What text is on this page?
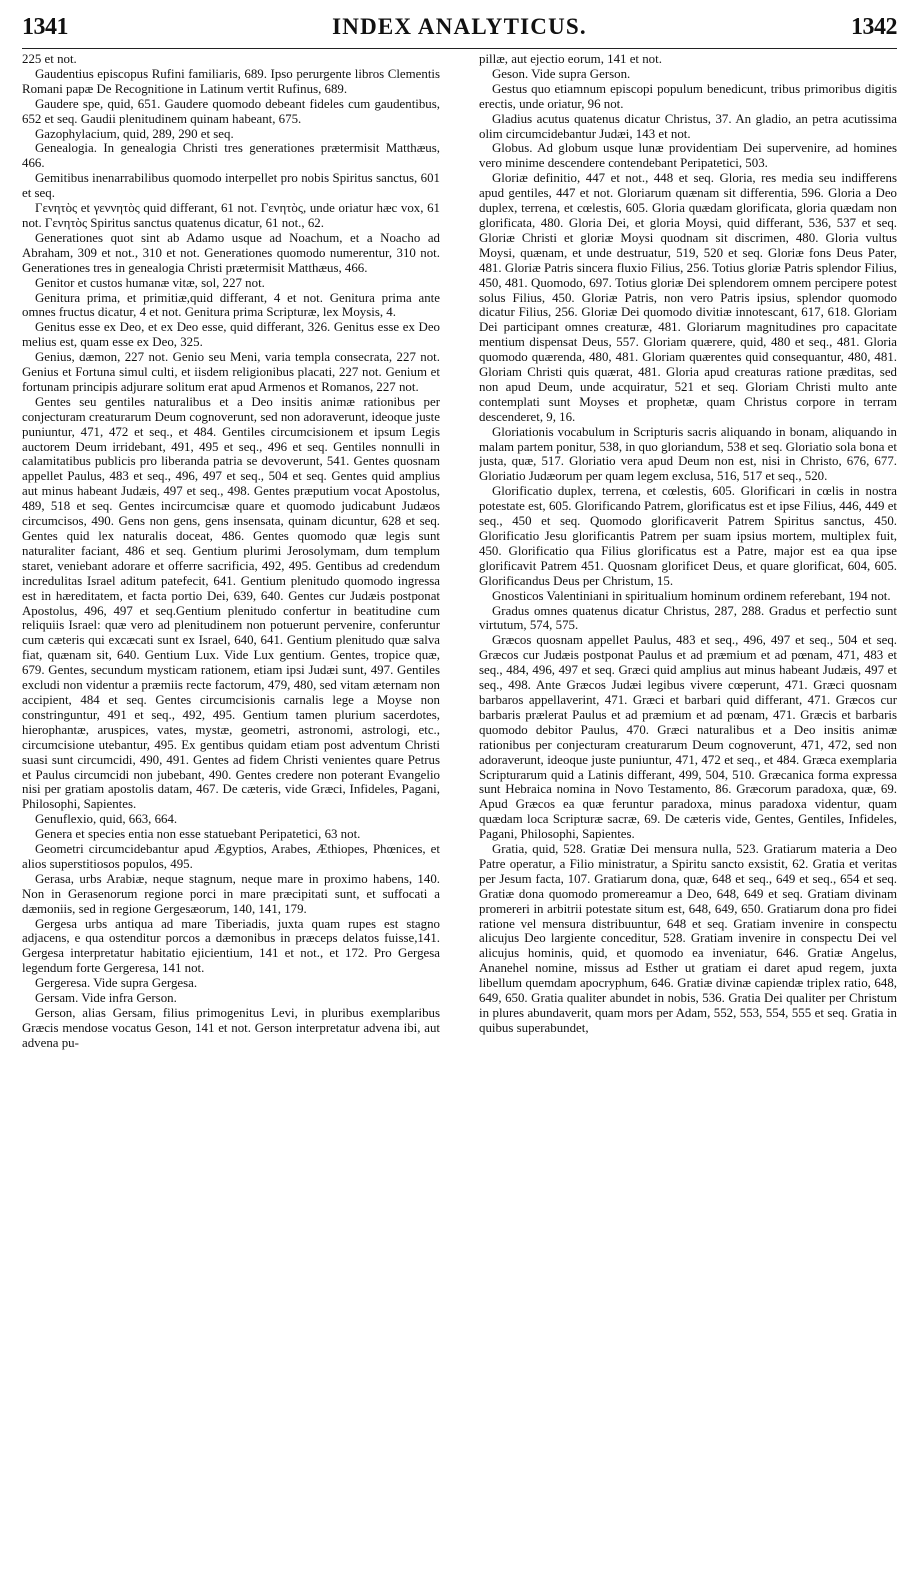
1341	INDEX ANALYTICUS.	1342

225 et not.

Gaudentius episcopus Rufini familiaris, 689. Ipso perurgente libros Clementis Romani papæ De Recognitione in Latinum vertit Rufinus, 689.

Gaudere spe, quid, 651. Gaudere quomodo debeant fideles cum gaudentibus, 652 et seq. Gaudii plenitudinem quinam habeant, 675.

Gazophylacium, quid, 289, 290 et seq.

Genealogia. In genealogia Christi tres generationes prætermisit Matthæus, 466.

Gemitibus inenarrabilibus quomodo interpellet pro nobis Spiritus sanctus, 601 et seq.

Γενητὸς et γεννητὸς quid differant, 61 not. Γενητὸς, unde oriatur hæc vox, 61 not. Γενητὸς Spiritus sanctus quatenus dicatur, 61 not., 62.

Generationes quot sint ab Adamo usque ad Noachum, et a Noacho ad Abraham, 309 et not., 310 et not. Generationes quomodo numerentur, 310 not. Generationes tres in genealogia Christi prætermisit Matthæus, 466.

Genitor et custos humanæ vitæ, sol, 227 not.

Genitura prima, et primitiæ,quid differant, 4 et not. Genitura prima ante omnes fructus dicatur, 4 et not. Genitura prima Scripturæ, lex Moysis, 4.

Genitus esse ex Deo, et ex Deo esse, quid differant, 326. Genitus esse ex Deo melius est, quam esse ex Deo, 325.

Genius, dæmon, 227 not. Genio seu Meni, varia templa consecrata, 227 not. Genius et Fortuna simul culti, et iisdem religionibus placati, 227 not. Genium et fortunam principis adjurare solitum erat apud Armenos et Romanos, 227 not.

Gentes seu gentiles naturalibus et a Deo insitis animæ rationibus per conjecturam creaturarum Deum cognoverunt, sed non adoraverunt, ideoque juste puniuntur, 471, 472 et seq., et 484. Gentiles circumcisionem et ipsum Legis auctorem Deum irridebant, 491, 495 et seq., 496 et seq. Gentiles nonnulli in calamitatibus publicis pro liberanda patria se devoverunt, 541. Gentes quosnam appellet Paulus, 483 et seq., 496, 497 et seq., 504 et seq. Gentes quid amplius aut minus habeant Judæis, 497 et seq., 498. Gentes præputium vocat Apostolus, 489, 518 et seq. Gentes incircumcisæ quare et quomodo judicabunt Judæos circumcisos, 490. Gens non gens, gens insensata, quinam dicuntur, 628 et seq. Gentes quid lex naturalis doceat, 486. Gentes quomodo quæ legis sunt naturaliter faciant, 486 et seq. Gentium plurimi Jerosolymam, dum templum staret, veniebant adorare et offerre sacrificia, 492, 495. Gentibus ad credendum incredulitas Israel aditum patefecit, 641. Gentium plenitudo quomodo ingressa est in hæreditatem, et facta portio Dei, 639, 640. Gentes cur Judæis postponat Apostolus, 496, 497 et seq.Gentium plenitudo confertur in beatitudine cum reliquiis Israel: quæ vero ad plenitudinem non potuerunt pervenire, conferuntur cum cæteris qui excæcati sunt ex Israel, 640, 641. Gentium plenitudo quæ salva fiat, quænam sit, 640. Gentium Lux. Vide Lux gentium. Gentes, tropice quæ, 679. Gentes, secundum mysticam rationem, etiam ipsi Judæi sunt, 497. Gentiles excludi non videntur a præmiis recte factorum, 479, 480, sed vitam æternam non accipient, 484 et seq. Gentes circumcisionis carnalis lege a Moyse non constringuntur, 491 et seq., 492, 495. Gentium tamen plurium sacerdotes, hierophantæ, aruspices, vates, mystæ, geometri, astronomi, astrologi, etc., circumcisione utebantur, 495. Ex gentibus quidam etiam post adventum Christi suasi sunt circumcidi, 490, 491. Gentes ad fidem Christi venientes quare Petrus et Paulus circumcidi non jubebant, 490. Gentes credere non poterant Evangelio nisi per gratiam apostolis datam, 467. De cæteris, vide Græci, Infideles, Pagani, Philosophi, Sapientes.

Genuflexio, quid, 663, 664.

Genera et species entia non esse statuebant Peripatetici, 63 not.

Geometri circumcidebantur apud Ægyptios, Arabes, Æthiopes, Phœnices, et alios superstitiosos populos, 495.

Gerasa, urbs Arabiæ, neque stagnum, neque mare in proximo habens, 140. Non in Gerasenorum regione porci in mare præcipitati sunt, et suffocati a dæmoniis, sed in regione Gergesæorum, 140, 141, 179.

Gergesa urbs antiqua ad mare Tiberiadis, juxta quam rupes est stagno adjacens, e qua ostenditur porcos a dæmonibus in præceps delatos fuisse,141. Gergesa interpretatur habitatio ejicientium, 141 et not., et 172. Pro Gergesa legendum forte Gergeresa, 141 not.

Gergeresa. Vide supra Gergesa.

Gersam. Vide infra Gerson.

Gerson, alias Gersam, filius primogenitus Levi, in pluribus exemplaribus Græcis mendose vocatus Geson, 141 et not. Gerson interpretatur advena ibi, aut advena pu-

pillæ, aut ejectio eorum, 141 et not.

Geson. Vide supra Gerson.

Gestus quo etiamnum episcopi populum benedicunt, tribus primoribus digitis erectis, unde oriatur, 96 not.

Gladius acutus quatenus dicatur Christus, 37. An gladio, an petra acutissima olim circumcidebantur Judæi, 143 et not.

Globus. Ad globum usque lunæ providentiam Dei supervenire, ad homines vero minime descendere contendebant Peripatetici, 503.

Gloriæ definitio, 447 et not., 448 et seq. Gloria, res media seu indifferens apud gentiles, 447 et not. Gloriarum quænam sit differentia, 596. Gloria a Deo duplex, terrena, et cœlestis, 605. Gloria quædam glorificata, gloria quædam non glorificata, 480. Gloria Dei, et gloria Moysi, quid differant, 536, 537 et seq. Gloriæ Christi et gloriæ Moysi quodnam sit discrimen, 480. Gloria vultus Moysi, quænam, et unde destruatur, 519, 520 et seq. Gloriæ fons Deus Pater, 481. Gloriæ Patris sincera fluxio Filius, 256. Totius gloriæ Patris splendor Filius, 450, 481. Quomodo, 697. Totius gloriæ Dei splendorem omnem percipere potest solus Filius, 450. Gloriæ Patris, non vero Patris ipsius, splendor quomodo dicatur Filius, 256. Gloriæ Dei quomodo divitiæ innotescant, 617, 618. Gloriam Dei participant omnes creaturæ, 481. Gloriarum magnitudines pro capacitate mentium dispensat Deus, 557. Gloriam quærere, quid, 480 et seq., 481. Gloria quomodo quærenda, 480, 481. Gloriam quærentes quid consequantur, 480, 481. Gloriam Christi quis quærat, 481. Gloria apud creaturas ratione præditas, sed non apud Deum, unde acquiratur, 521 et seq. Gloriam Christi multo ante contemplati sunt Moyses et prophetæ, quam Christus corpore in terram descenderet, 9, 16.

Gloriationis vocabulum in Scripturis sacris aliquando in bonam, aliquando in malam partem ponitur, 538, in quo gloriandum, 538 et seq. Gloriatio sola bona et justa, quæ, 517. Gloriatio vera apud Deum non est, nisi in Christo, 676, 677. Gloriatio Judæorum per quam legem exclusa, 516, 517 et seq., 520.

Glorificatio duplex, terrena, et cœlestis, 605. Glorificari in cœlis in nostra potestate est, 605. Glorificando Patrem, glorificatus est et ipse Filius, 446, 449 et seq., 450 et seq. Quomodo glorificaverit Patrem Spiritus sanctus, 450. Glorificatio Jesu glorificantis Patrem per suam ipsius mortem, multiplex fuit, 450. Glorificatio qua Filius glorificatus est a Patre, major est ea qua ipse glorificavit Patrem 451. Quosnam glorificet Deus, et quare glorificat, 604, 605. Glorificandus Deus per Christum, 15.

Gnosticos Valentiniani in spiritualium hominum ordinem referebant, 194 not.

Gradus omnes quatenus dicatur Christus, 287, 288. Gradus et perfectio sunt virtutum, 574, 575.

Græcos quosnam appellet Paulus, 483 et seq., 496, 497 et seq., 504 et seq. Græcos cur Judæis postponat Paulus et ad præmium et ad pœnam, 471, 483 et seq., 484, 496, 497 et seq. Græci quid amplius aut minus habeant Judæis, 497 et seq., 498. Ante Græcos Judæi legibus vivere cœperunt, 471. Græci quosnam barbaros appellaverint, 471. Græci et barbari quid differant, 471. Græcos cur barbaris prælerat Paulus et ad præmium et ad pœnam, 471. Græcis et barbaris quomodo debitor Paulus, 470. Græci naturalibus et a Deo insitis animæ rationibus per conjecturam creaturarum Deum cognoverunt, 471, 472, sed non adoraverunt, ideoque juste puniuntur, 471, 472 et seq., et 484. Græca exemplaria Scripturarum quid a Latinis differant, 499, 504, 510. Græcanica forma expressa sunt Hebraica nomina in Novo Testamento, 86. Græcorum paradoxa, quæ, 69. Apud Græcos ea quæ feruntur paradoxa, minus paradoxa videntur, quam quædam loca Scripturæ sacræ, 69. De cæteris vide, Gentes, Gentiles, Infideles, Pagani, Philosophi, Sapientes.

Gratia, quid, 528. Gratiæ Dei mensura nulla, 523. Gratiarum materia a Deo Patre operatur, a Filio ministratur, a Spiritu sancto exsistit, 62. Gratia et veritas per Jesum facta, 107. Gratiarum dona, quæ, 648 et seq., 649 et seq., 654 et seq. Gratiæ dona quomodo promereamur a Deo, 648, 649 et seq. Gratiam divinam promereri in arbitrii potestate situm est, 648, 649, 650. Gratiarum dona pro fidei ratione vel mensura distribuuntur, 648 et seq. Gratiam invenire in conspectu alicujus Deo largiente conceditur, 528. Gratiam invenire in conspectu Dei vel alicujus hominis, quid, et quomodo ea inveniatur, 646. Gratiæ Angelus, Ananehel nomine, missus ad Esther ut gratiam ei daret apud regem, juxta libellum quemdam apocryphum, 646. Gratiæ divinæ capiendæ triplex ratio, 648, 649, 650. Gratia qualiter abundet in nobis, 536. Gratia Dei qualiter per Christum in plures abundaverit, quam mors per Adam, 552, 553, 554, 555 et seq. Gratia in quibus superabundet,
